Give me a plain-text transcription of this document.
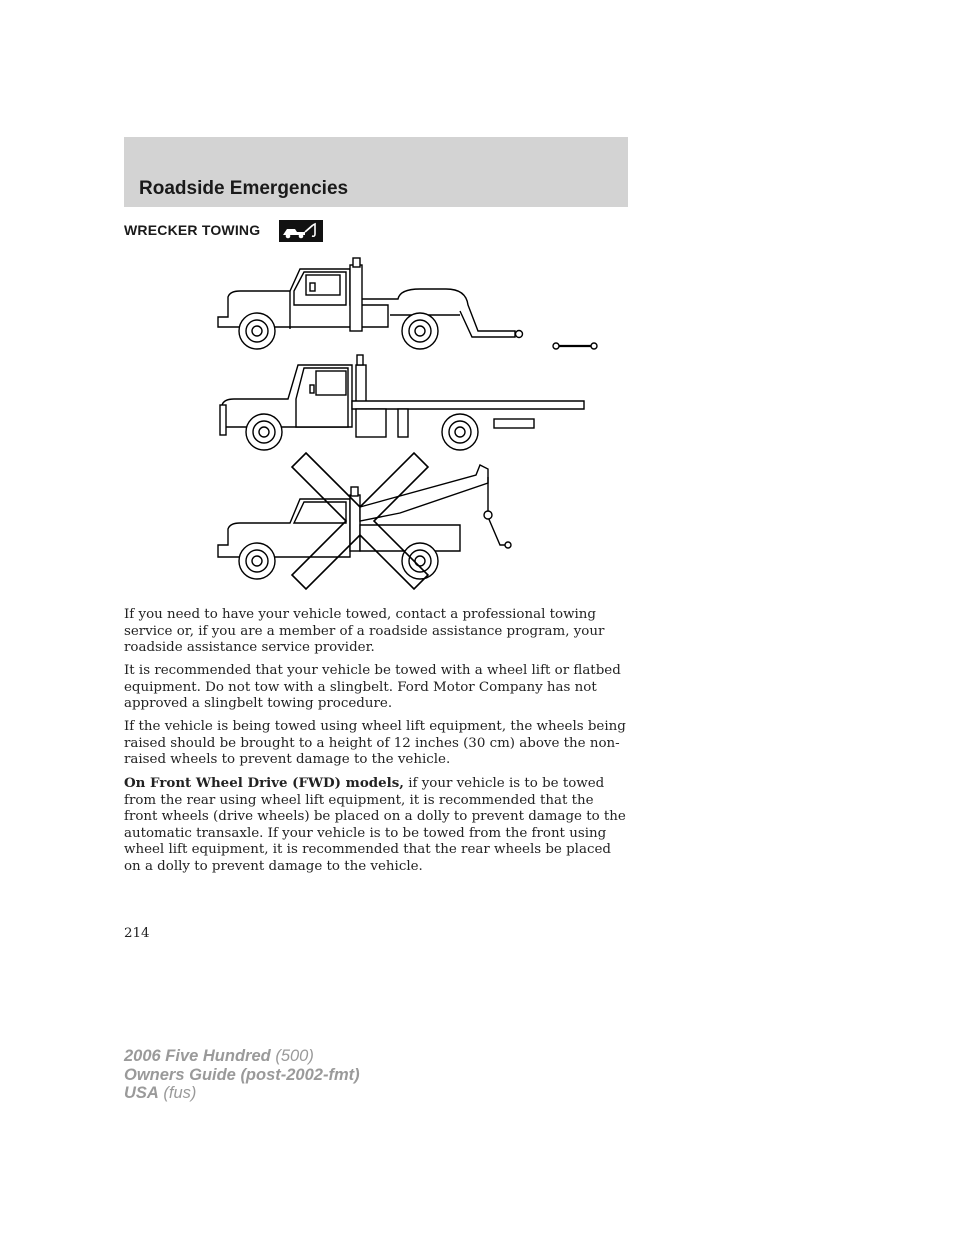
Roadside Emergencies
WRECKER TOWING

If you need to have your vehicle towed, contact a professional towing service or, if you are a member of a roadside assistance program, your roadside assistance service provider.

It is recommended that your vehicle be towed with a wheel lift or flatbed equipment. Do not tow with a slingbelt. Ford Motor Company has not approved a slingbelt towing procedure.

If the vehicle is being towed using wheel lift equipment, the wheels being raised should be brought to a height of 12 inches (30 cm) above the non-raised wheels to prevent damage to the vehicle.

On Front Wheel Drive (FWD) models, if your vehicle is to be towed from the rear using wheel lift equipment, it is recommended that the front wheels (drive wheels) be placed on a dolly to prevent damage to the automatic transaxle. If your vehicle is to be towed from the front using wheel lift equipment, it is recommended that the rear wheels be placed on a dolly to prevent damage to the vehicle.

214
2006 Five Hundred (500)
Owners Guide (post-2002-fmt)
USA (fus)
